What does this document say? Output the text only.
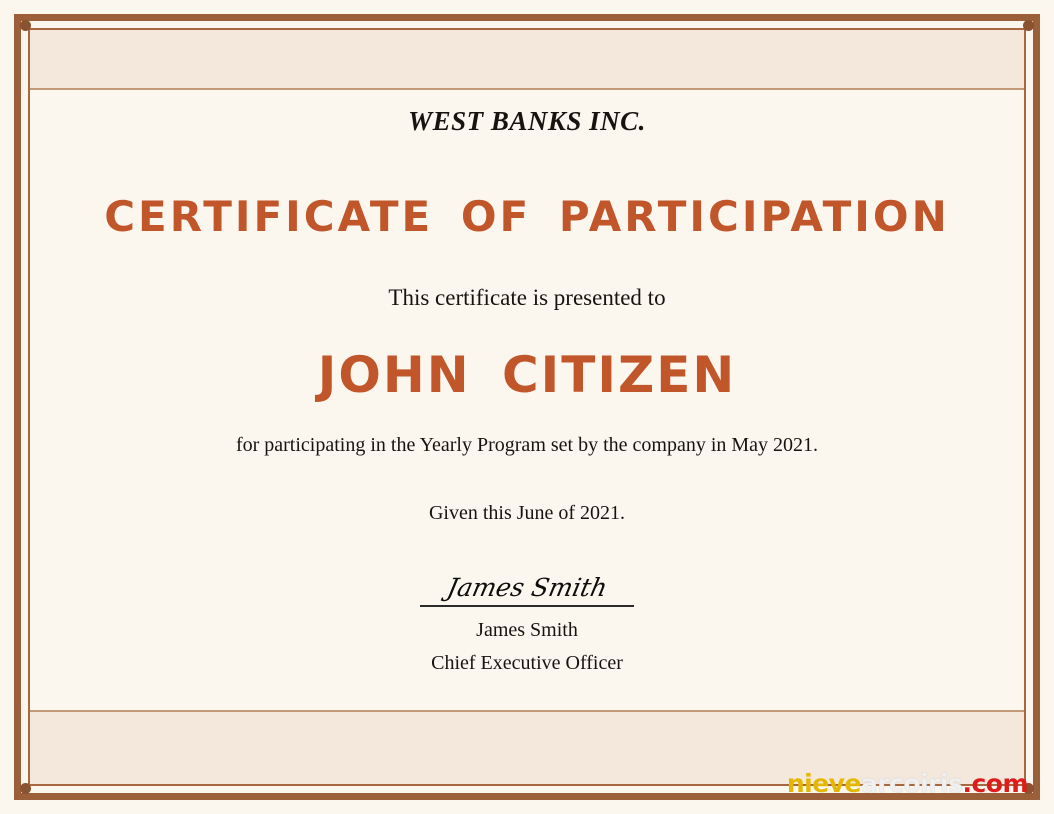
WEST BANKS INC.
CERTIFICATE OF PARTICIPATION
This certificate is presented to
JOHN CITIZEN
for participating in the Yearly Program set by the company in May 2021.
Given this June of 2021.
James Smith
James Smith
Chief Executive Officer
nievearcoiris.com
